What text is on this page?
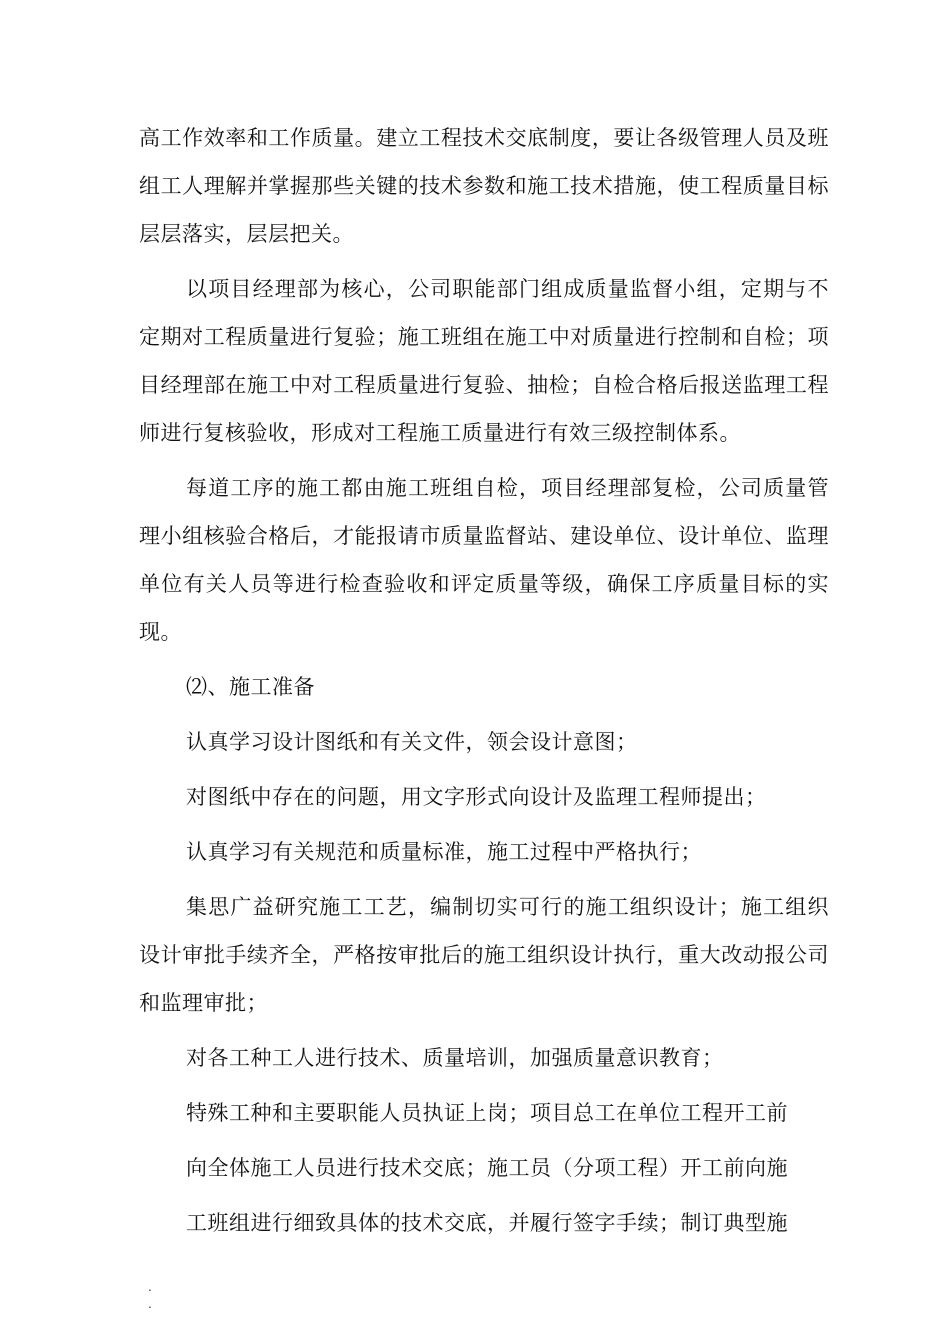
高工作效率和工作质量。建立工程技术交底制度，要让各级管理人员及班组工人理解并掌握那些关键的技术参数和施工技术措施，使工程质量目标层层落实，层层把关。

以项目经理部为核心，公司职能部门组成质量监督小组，定期与不定期对工程质量进行复验；施工班组在施工中对质量进行控制和自检；项目经理部在施工中对工程质量进行复验、抽检；自检合格后报送监理工程师进行复核验收，形成对工程施工质量进行有效三级控制体系。

每道工序的施工都由施工班组自检，项目经理部复检，公司质量管理小组核验合格后，才能报请市质量监督站、建设单位、设计单位、监理单位有关人员等进行检查验收和评定质量等级，确保工序质量目标的实现。

⑵、施工准备

认真学习设计图纸和有关文件，领会设计意图；

对图纸中存在的问题，用文字形式向设计及监理工程师提出；

认真学习有关规范和质量标准，施工过程中严格执行；

集思广益研究施工工艺，编制切实可行的施工组织设计；施工组织设计审批手续齐全，严格按审批后的施工组织设计执行，重大改动报公司和监理审批；

对各工种工人进行技术、质量培训，加强质量意识教育；

特殊工种和主要职能人员执证上岗；项目总工在单位工程开工前
向全体施工人员进行技术交底；施工员（分项工程）开工前向施
工班组进行细致具体的技术交底，并履行签字手续；制订典型施
.
.
